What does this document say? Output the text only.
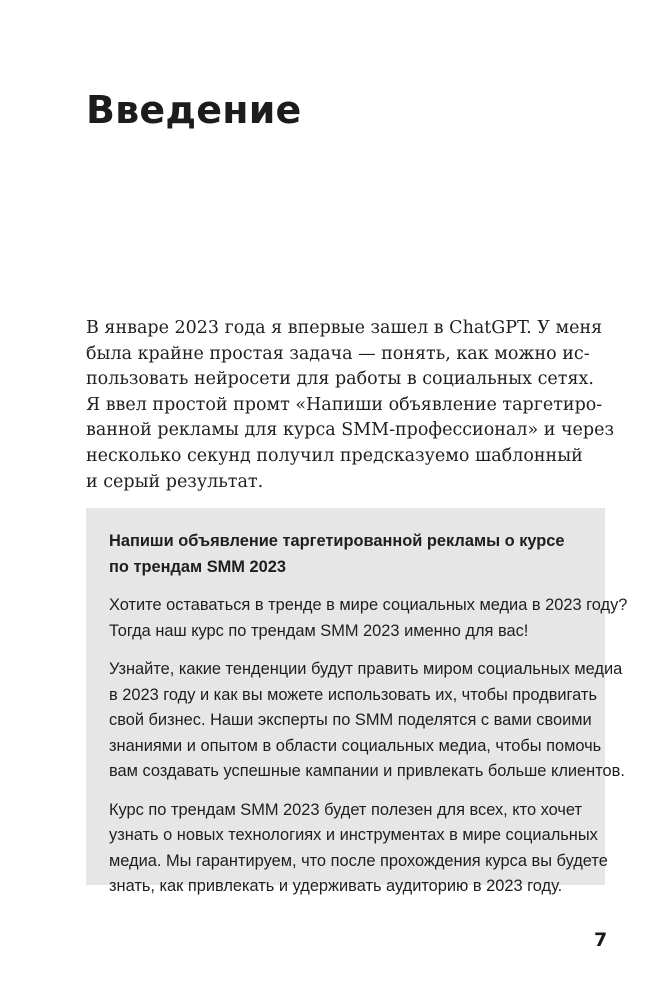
Введение

В январе 2023 года я впервые зашел в ChatGPT. У меня
была крайне простая задача — понять, как можно ис-
пользовать нейросети для работы в социальных сетях.
Я ввел простой промт «Напиши объявление таргетиро-
ванной рекламы для курса SMM-профессионал» и через
несколько секунд получил предсказуемо шаблонный
и серый результат.

Напиши объявление таргетированной рекламы о курсе
по трендам SMM 2023

Хотите оставаться в тренде в мире социальных медиа в 2023 году?
Тогда наш курс по трендам SMM 2023 именно для вас!

Узнайте, какие тенденции будут править миром социальных медиа
в 2023 году и как вы можете использовать их, чтобы продвигать
свой бизнес. Наши эксперты по SMM поделятся с вами своими
знаниями и опытом в области социальных медиа, чтобы помочь
вам создавать успешные кампании и привлекать больше клиентов.

Курс по трендам SMM 2023 будет полезен для всех, кто хочет
узнать о новых технологиях и инструментах в мире социальных
медиа. Мы гарантируем, что после прохождения курса вы будете
знать, как привлекать и удерживать аудиторию в 2023 году.

7
